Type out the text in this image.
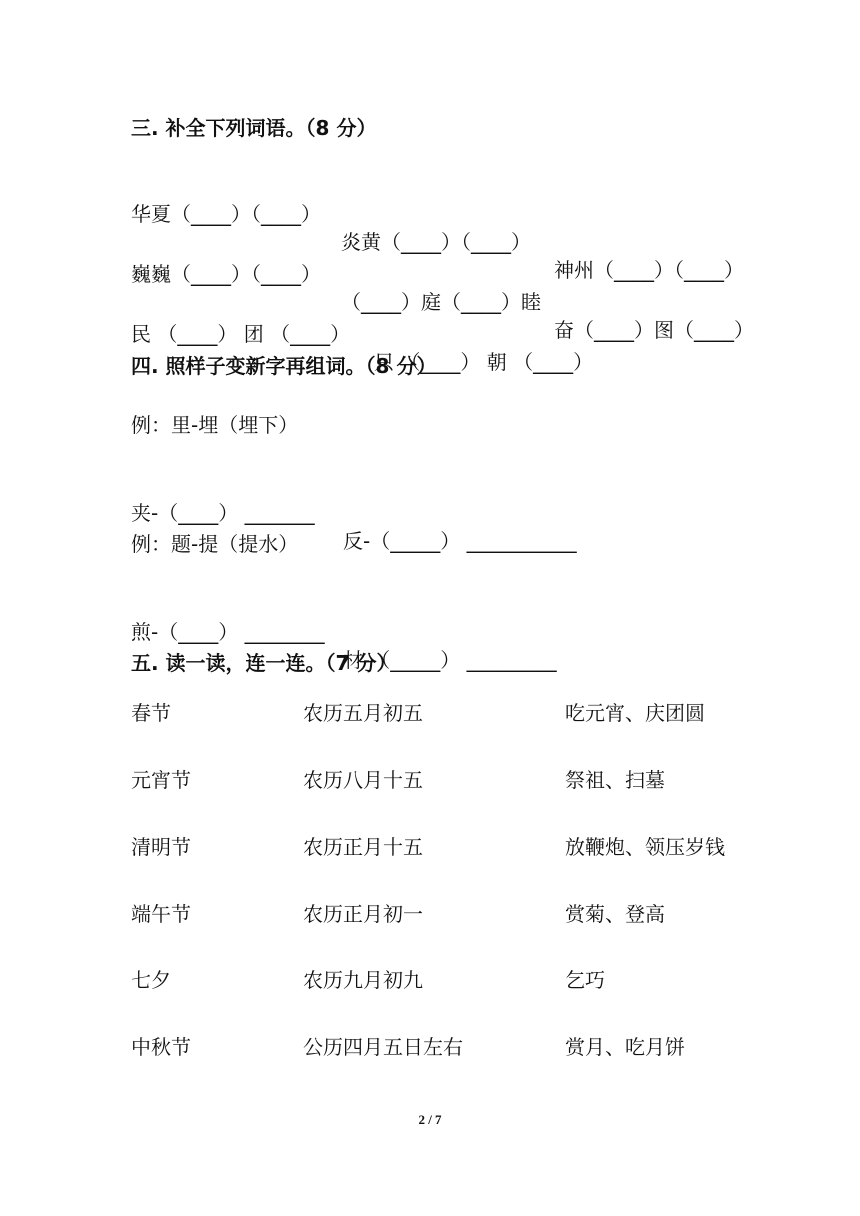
三. 补全下列词语。（8 分）

华夏（____）（____）

炎黄（____）（____）

神州（____）（____）

巍巍（____）（____）

（____）庭（____）睦

奋（____）图（____）

民 （____） 团 （____）

只 （____） 朝 （____）

四. 照样子变新字再组词。（8 分）
例：里-埋（埋下）

夹-（____） _______

反-（_____） ___________

例：题-提（提水）

煎-（____） ________

材-（_____） _________

五. 读一读，连一连。（7 分）
春节
元宵节
清明节
端午节
七夕
中秋节
农历五月初五
农历八月十五
农历正月十五
农历正月初一
农历九月初九
公历四月五日左右
吃元宵、庆团圆
祭祖、扫墓
放鞭炮、领压岁钱
赏菊、登高
乞巧
赏月、吃月饼
2 / 7
